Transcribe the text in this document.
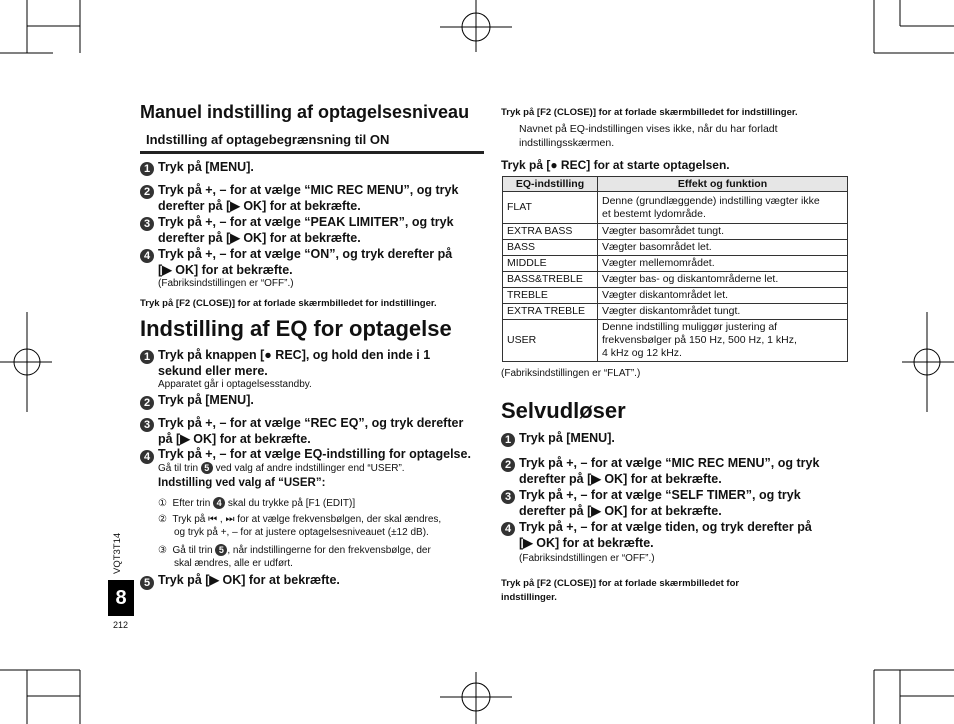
VQT3T14
8
212
Manuel indstilling af optagelsesniveau
Indstilling af optagebegrænsning til ON
1 Tryk på [MENU].
2 Tryk på +, – for at vælge “MIC REC MENU”, og tryk
derefter på [▶ OK] for at bekræfte.
3 Tryk på +, – for at vælge “PEAK LIMITER”, og tryk
derefter på [▶ OK] for at bekræfte.
4 Tryk på +, – for at vælge “ON”, og tryk derefter på
[▶ OK] for at bekræfte.
(Fabriksindstillingen er “OFF”.)
Tryk på [F2 (CLOSE)] for at forlade skærmbilledet for indstillinger.
Indstilling af EQ for optagelse
1 Tryk på knappen [● REC], og hold den inde i 1
sekund eller mere.
Apparatet går i optagelsesstandby.
2 Tryk på [MENU].
3 Tryk på +, – for at vælge “REC EQ”, og tryk derefter
på [▶ OK] for at bekræfte.
4 Tryk på +, – for at vælge EQ-indstilling for optagelse.
Gå til trin 5 ved valg af andre indstillinger end “USER”.
Indstilling ved valg af “USER”:
① Efter trin 4 skal du trykke på [F1 (EDIT)]
② Tryk på ⏮ , ⏭ for at vælge frekvensbølgen, der skal ændres,
og tryk på +, – for at justere optagelsesniveauet (±12 dB).
③ Gå til trin 5 , når indstillingerne for den frekvensbølge, der
skal ændres, alle er udført.
5 Tryk på [▶ OK] for at bekræfte.
Tryk på [F2 (CLOSE)] for at forlade skærmbilledet for indstillinger.
Navnet på EQ-indstillingen vises ikke, når du har forladt
indstillingsskærmen.
Tryk på [● REC] for at starte optagelsen.
EQ-indstilling	Effekt og funktion
FLAT	Denne (grundlæggende) indstilling vægter ikke
et bestemt lydområde.
EXTRA BASS	Vægter basområdet tungt.
BASS	Vægter basområdet let.
MIDDLE	Vægter mellemområdet.
BASS&TREBLE	Vægter bas- og diskantområderne let.
TREBLE	Vægter diskantområdet let.
EXTRA TREBLE	Vægter diskantområdet tungt.
USER	Denne indstilling muliggør justering af
frekvensbølger på 150 Hz, 500 Hz, 1 kHz,
4 kHz og 12 kHz.
(Fabriksindstillingen er “FLAT”.)
Selvudløser
1 Tryk på [MENU].
2 Tryk på +, – for at vælge “MIC REC MENU”, og tryk
derefter på [▶ OK] for at bekræfte.
3 Tryk på +, – for at vælge “SELF TIMER”, og tryk
derefter på [▶ OK] for at bekræfte.
4 Tryk på +, – for at vælge tiden, og tryk derefter på
[▶ OK] for at bekræfte.
(Fabriksindstillingen er “OFF”.)
Tryk på [F2 (CLOSE)] for at forlade skærmbilledet for
indstillinger.
